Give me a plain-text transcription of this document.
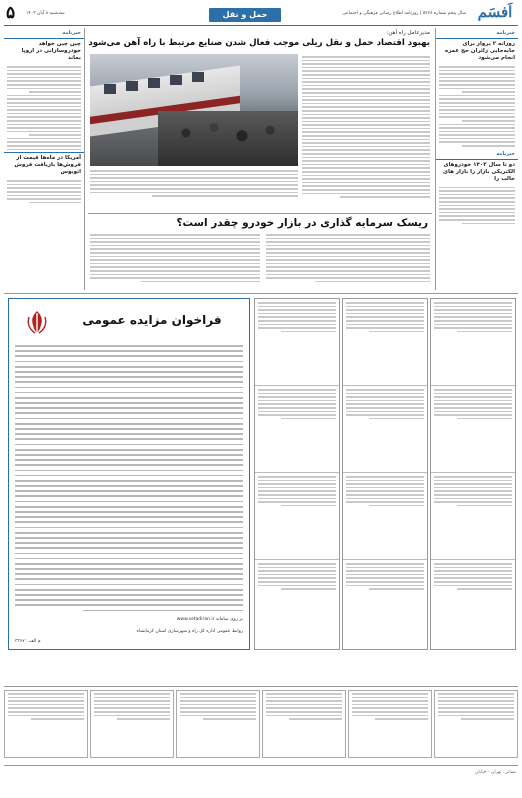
اَفسَم
سال پنجم شماره ۵۲۶۸ | روزنامه اطلاع رسانی فرهنگی و اجتماعی
حمل و نقل
سه‌شنبه ۸ آبان ۱۴۰۳
۵
خبرنامه
روزانه ۲ پرواز برای جابه‌جایی زائران حج عمره انجام می‌شود
خبرنامه
دو تا سال ۱۴۰۳ خودروهای الکتریکی بازار را بازار های جالب را
خبرنامه
چین چین خواهد خودروسازانی در اروپا بماند
آمریکا در ماه‌ها قیمت از فروش‌ها بازیافت فروش اتوبوس
مدیرعامل راه آهن:
بهبود اقتصاد حمل و نقل ریلی موجب فعال شدن صنایع مرتبط با راه آهن می‌شود
ریسک سرمایه گذاری در بازار خودرو چقدر است؟
فراخوان مزایده عمومی
بر روی سامانه www.setadiran.ir
روابط عمومی اداره کل راه و شهرسازی استان کرمانشاه
م الف : ۳۳۶۷
نشانی: تهران - خیابان
